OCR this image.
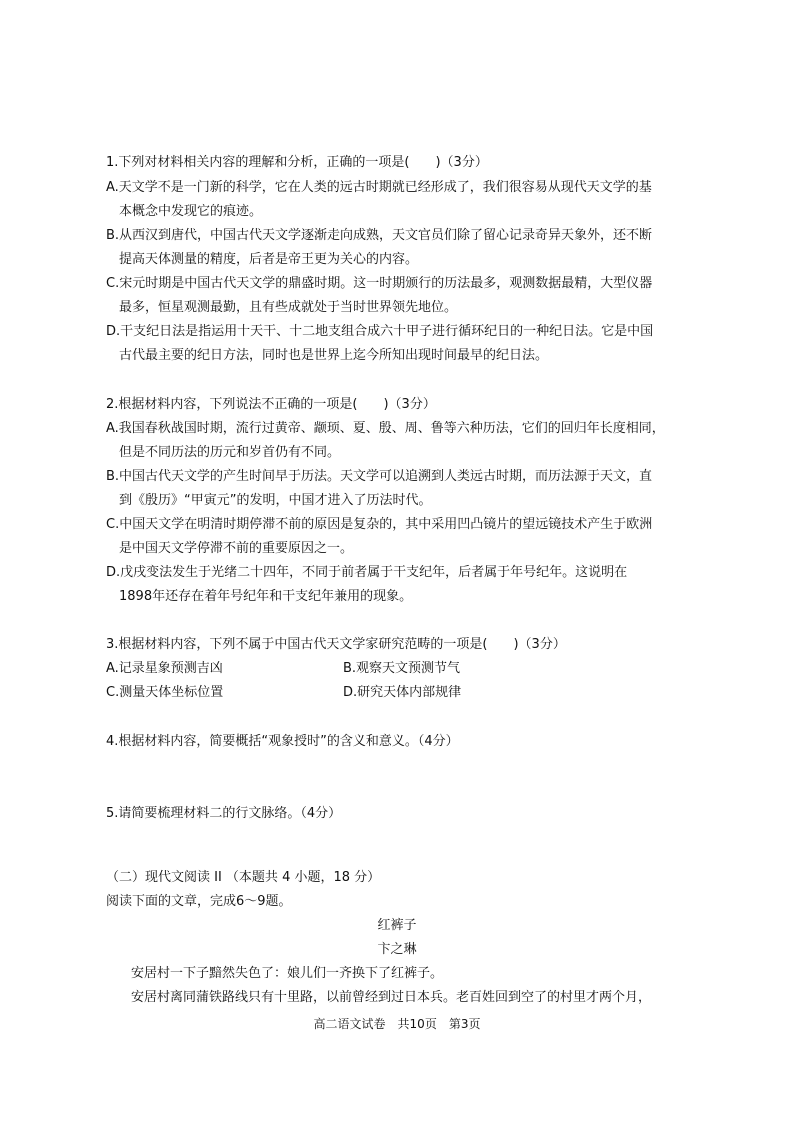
1.下列对材料相关内容的理解和分析，正确的一项是(　　)（3分）
A.天文学不是一门新的科学，它在人类的远古时期就已经形成了，我们很容易从现代天文学的基
本概念中发现它的痕迹。
B.从西汉到唐代，中国古代天文学逐渐走向成熟，天文官员们除了留心记录奇异天象外，还不断
提高天体测量的精度，后者是帝王更为关心的内容。
C.宋元时期是中国古代天文学的鼎盛时期。这一时期颁行的历法最多，观测数据最精，大型仪器
最多，恒星观测最勤，且有些成就处于当时世界领先地位。
D.干支纪日法是指运用十天干、十二地支组合成六十甲子进行循环纪日的一种纪日法。它是中国
古代最主要的纪日方法，同时也是世界上迄今所知出现时间最早的纪日法。
2.根据材料内容，下列说法不正确的一项是(　　)（3分）
A.我国春秋战国时期，流行过黄帝、颛顼、夏、殷、周、鲁等六种历法，它们的回归年长度相同，
但是不同历法的历元和岁首仍有不同。
B.中国古代天文学的产生时间早于历法。天文学可以追溯到人类远古时期，而历法源于天文，直
到《殷历》“甲寅元”的发明，中国才进入了历法时代。
C.中国天文学在明清时期停滞不前的原因是复杂的，其中采用凹凸镜片的望远镜技术产生于欧洲
是中国天文学停滞不前的重要原因之一。
D.戊戌变法发生于光绪二十四年，不同于前者属于干支纪年，后者属于年号纪年。这说明在
1898年还存在着年号纪年和干支纪年兼用的现象。
3.根据材料内容，下列不属于中国古代天文学家研究范畴的一项是(　　)（3分）
A.记录星象预测吉凶	B.观察天文预测节气
C.测量天体坐标位置	D.研究天体内部规律
4.根据材料内容，简要概括“观象授时”的含义和意义。（4分）
5.请简要梳理材料二的行文脉络。（4分）
（二）现代文阅读 II （本题共 4 小题，18 分）
阅读下面的文章，完成6～9题。
红裤子
卞之琳
安居村一下子黯然失色了：娘儿们一齐换下了红裤子。
安居村离同蒲铁路线只有十里路，以前曾经到过日本兵。老百姓回到空了的村里才两个月，
高二语文试卷　共10页　第3页
